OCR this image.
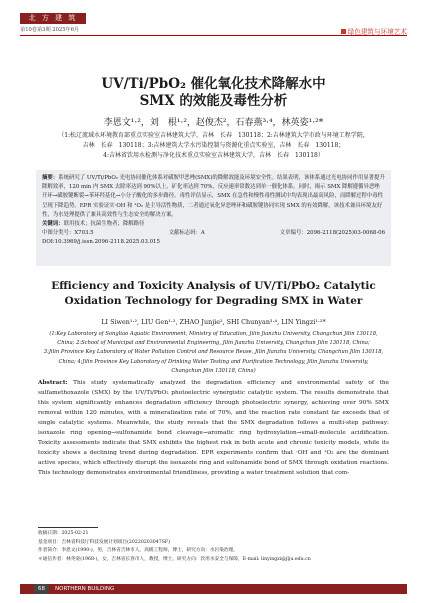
北 方 建 筑
第10卷第3期 2025年6月	绿色建筑与环境艺术
UV/Ti/PbO₂ 催化氧化技术降解水中
SMX 的效能及毒性分析
李恩文¹·²，刘　根¹·²，赵俊杰²，石春燕³·⁴，林英姿¹·²*
（1:松辽流域水环境教育部重点实验室吉林建筑大学，吉林　长春　130118；2:吉林建筑大学市政与环境工程学院，
吉林　长春　130118；3:吉林建筑大学水污染控制与资源化重点实验室，吉林　长春　130118；
4:吉林省饮用水检测与净化技术重点实验室吉林建筑大学，吉林　长春　130118）
摘要：系统研究了 UV/Ti/PbO₂ 光电协同催化体系对磺胺甲恶唑(SMX)的降解效能及环境安全性。结果表明，该体系通过光电协同作用显著提升降解效率，120 min 内 SMX 去除率达到 90%以上，矿化率达到 70%，反应速率常数达到单一催化体系。同时，揭示 SMX 降解遵循异恶唑开环→磺胺键断裂→苯环羟基化→小分子酸化的多步路径。毒性评估显示，SMX 在急性和慢性毒性测试中均表现出最高风险，而降解过程中毒性呈现下降趋势。EPR 实验证实·OH 和 ¹O₂ 是主导活性物质，二者通过氧化异恶唑环和磺胺键协同实现 SMX 的有效降解。该技术兼具环境友好性，为水处理提供了兼具高效性与生态安全的解决方案。
关键词：联用技术；抗菌生物者；降解路径
中图分类号：X703.5	文献标志码：A	文章编号：2096-2118(2025)03-0068-06
DOI:10.3969/j.issn.2096-2118.2025.03.015
Efficiency and Toxicity Analysis of UV/Ti/PbO₂ Catalytic
Oxidation Technology for Degrading SMX in Water
LI Siwen¹·², LIU Gen¹·², ZHAO Junjie², SHI Chunyan³·⁴, LIN Yingzi¹·²*
(1:Key Laboratory of Songliao Aquatic Environment, Ministry of Education, Jilin Jianzhu University, Changchun Jilin 130118,
China; 2:School of Municipal and Environmental Engineering, Jilin Jianzhu University, Changchun Jilin 130118, China;
3:Jilin Province Key Laboratory of Water Pollution Control and Resource Reuse, Jilin Jianzhu University, Changchun Jilin 130118,
China; 4:Jilin Province Key Laboratory of Drinking Water Testing and Purification Technology, Jilin Jianzhu University,
Changchun Jilin 130118, China)
Abstract: This study systematically analyzed the degradation efficiency and environmental safety of the sulfamethoxazole (SMX) by the UV/Ti/PbO₂ photoelectric synergistic catalytic system. The results demonstrate that this system significantly enhances degradation efficiency through photoelectric synergy, achieving over 90% SMX removal within 120 minutes, with a mineralization rate of 70%, and the reaction rate constant far exceeds that of single catalytic systems. Meanwhile, the study reveals that the SMX degradation follows a multi-step pathway: isoxazole ring opening→sulfonamide bond cleavage→aromatic ring hydroxylation→small-molecule acidification. Toxicity assessments indicate that SMX exhibits the highest risk in both acute and chronic toxicity models, while its toxicity shows a declining trend during degradation. EPR experiments confirm that ·OH and ¹O₂ are the dominant active species, which effectively disrupt the isoxazole ring and sulfonamide bond of SMX through oxidation reactions. This technology demonstrates environmental friendliness, providing a water treatment solution that com-
收稿日期：2025-02-21
基金项目：吉林省科技厅科技发展计划项目(20220203047SF)
作者简介：李恩文(1990-)，男，吉林省吉林市人，高级工程师，博士，研究方向：水污染治理。
＊通信作者：林英姿(1968-)，女，吉林省长春市人，教授，博士，研究方向：饮用水安全与保障，E-mail: linyingzi@jlju.edu.cn
68	NORTHERN BUILDING
